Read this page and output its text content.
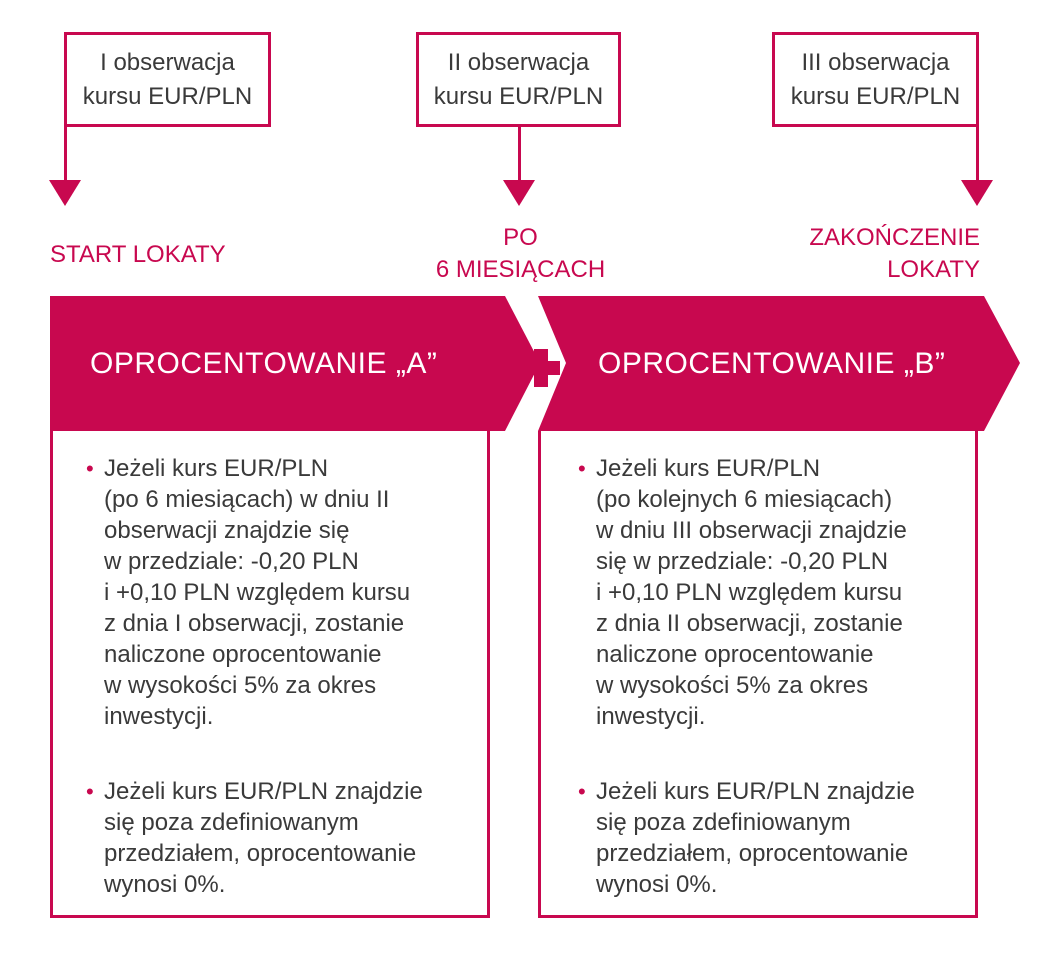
I obserwacja
kursu EUR/PLN
II obserwacja
kursu EUR/PLN
III obserwacja
kursu EUR/PLN
START LOKATY
PO
6 MIESIĄCACH
ZAKOŃCZENIE
LOKATY
OPROCENTOWANIE „A”	OPROCENTOWANIE „B”
• Jeżeli kurs EUR/PLN
(po 6 miesiącach) w dniu II
obserwacji znajdzie się
w przedziale: -0,20 PLN
i +0,10 PLN względem kursu
z dnia I obserwacji, zostanie
naliczone oprocentowanie
w wysokości 5% za okres
inwestycji.
• Jeżeli kurs EUR/PLN znajdzie
się poza zdefiniowanym
przedziałem, oprocentowanie
wynosi 0%.
• Jeżeli kurs EUR/PLN
(po kolejnych 6 miesiącach)
w dniu III obserwacji znajdzie
się w przedziale: -0,20 PLN
i +0,10 PLN względem kursu
z dnia II obserwacji, zostanie
naliczone oprocentowanie
w wysokości 5% za okres
inwestycji.
• Jeżeli kurs EUR/PLN znajdzie
się poza zdefiniowanym
przedziałem, oprocentowanie
wynosi 0%.
